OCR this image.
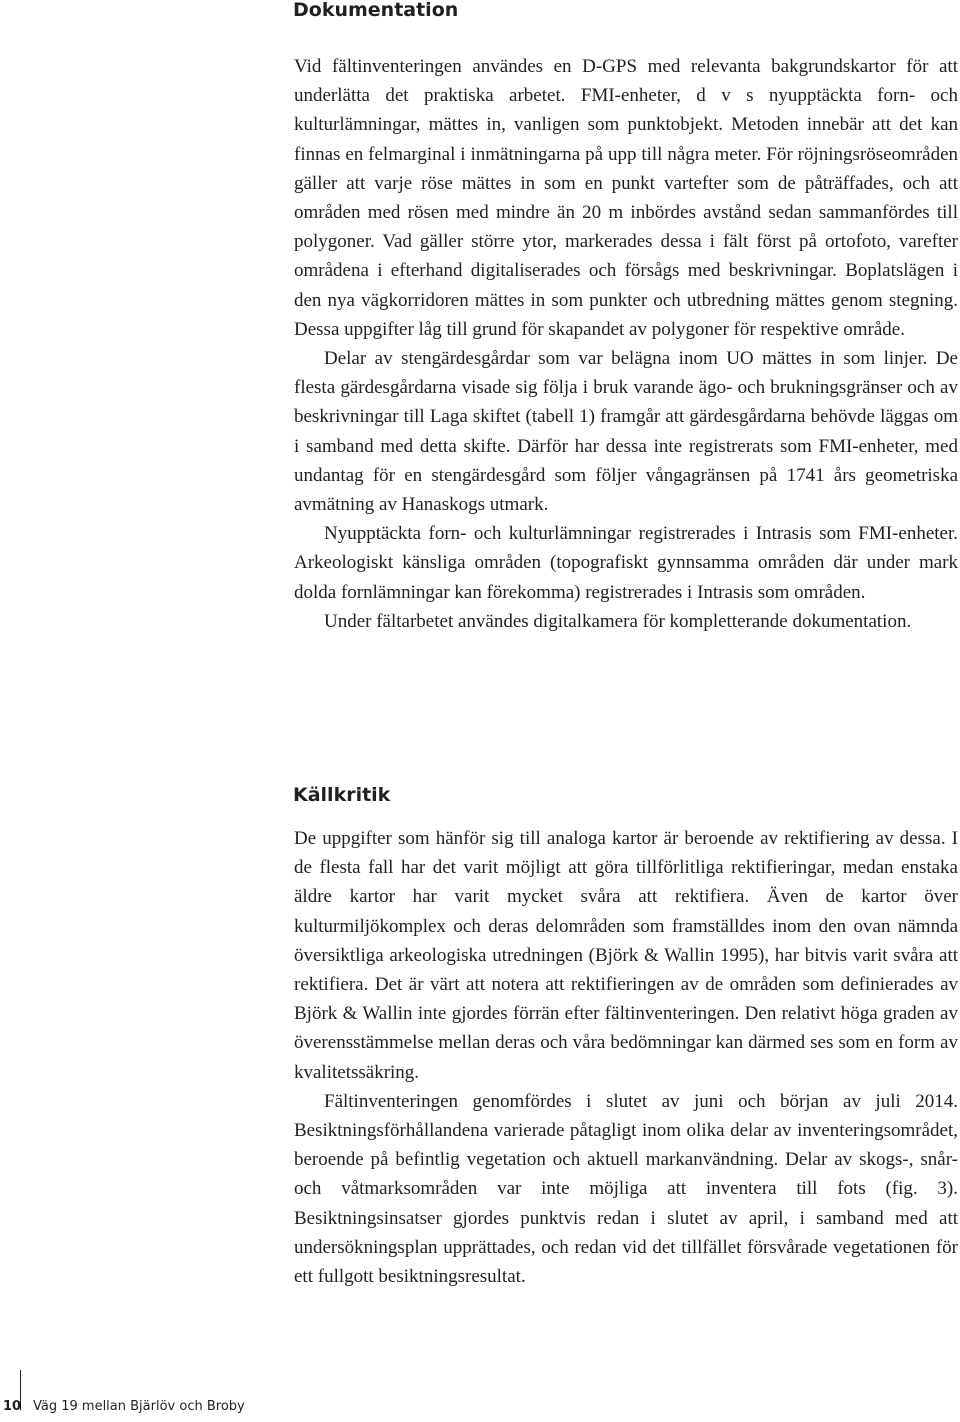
Dokumentation

Vid fältinventeringen användes en D-GPS med relevanta bakgrundskartor för att underlätta det praktiska arbetet. FMI-enheter, d v s nyupptäckta forn- och kulturlämningar, mättes in, vanligen som punktobjekt. Metoden innebär att det kan finnas en felmarginal i inmätningarna på upp till några meter. För röjningsröseområden gäller att varje röse mättes in som en punkt vartefter som de påträffades, och att områden med rösen med mindre än 20 m inbördes avstånd sedan sammanfördes till polygoner. Vad gäller större ytor, markerades dessa i fält först på ortofoto, varefter områdena i efterhand digitaliserades och försågs med beskrivningar. Boplatslägen i den nya vägkorridoren mättes in som punkter och utbredning mättes genom stegning. Dessa uppgifter låg till grund för skapandet av polygoner för respektive område.

Delar av stengärdesgårdar som var belägna inom UO mättes in som linjer. De flesta gärdesgårdarna visade sig följa i bruk varande ägo- och brukningsgränser och av beskrivningar till Laga skiftet (tabell 1) framgår att gärdesgårdarna behövde läggas om i samband med detta skifte. Därför har dessa inte registrerats som FMI-enheter, med undantag för en stengärdesgård som följer vångagränsen på 1741 års geometriska avmätning av Hanaskogs utmark.

Nyupptäckta forn- och kulturlämningar registrerades i Intrasis som FMI-enheter. Arkeologiskt känsliga områden (topografiskt gynnsamma områden där under mark dolda fornlämningar kan förekomma) registrerades i Intrasis som områden.

Under fältarbetet användes digitalkamera för kompletterande dokumentation.

Källkritik

De uppgifter som hänför sig till analoga kartor är beroende av rektifiering av dessa. I de flesta fall har det varit möjligt att göra tillförlitliga rektifieringar, medan enstaka äldre kartor har varit mycket svåra att rektifiera. Även de kartor över kulturmiljökomplex och deras delområden som framställdes inom den ovan nämnda översiktliga arkeologiska utredningen (Björk & Wallin 1995), har bitvis varit svåra att rektifiera. Det är värt att notera att rektifieringen av de områden som definierades av Björk & Wallin inte gjordes förrän efter fältinventeringen. Den relativt höga graden av överensstämmelse mellan deras och våra bedömningar kan därmed ses som en form av kvalitetssäkring.

Fältinventeringen genomfördes i slutet av juni och början av juli 2014. Besiktningsförhållandena varierade påtagligt inom olika delar av inventeringsområdet, beroende på befintlig vegetation och aktuell markanvändning. Delar av skogs-, snår- och våtmarksområden var inte möjliga att inventera till fots (fig. 3). Besiktningsinsatser gjordes punktvis redan i slutet av april, i samband med att undersökningsplan upprättades, och redan vid det tillfället försvårade vegetationen för ett fullgott besiktningsresultat.

10 Väg 19 mellan Bjärlöv och Broby
